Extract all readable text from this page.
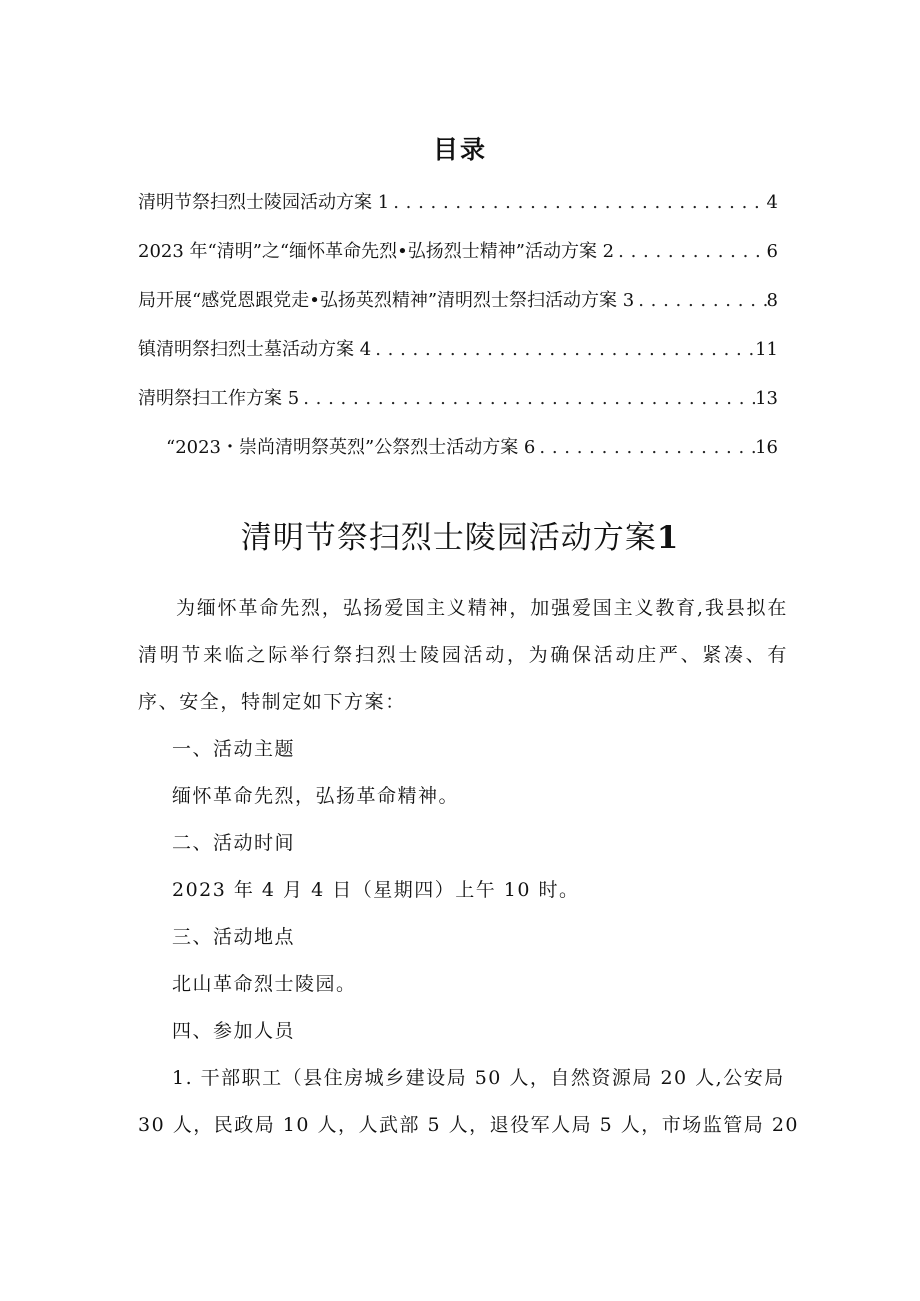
目录
清明节祭扫烈士陵园活动方案 1 . . .	4
2023 年“清明”之“缅怀革命先烈•弘扬烈士精神”活动方案 2 . . .	6
局开展“感党恩跟党走•弘扬英烈精神”清明烈士祭扫活动方案 3 . . .	8
镇清明祭扫烈士墓活动方案 4 . . .	11
清明祭扫工作方案 5 . . .	13
“2023・崇尚清明祭英烈”公祭烈士活动方案 6 . . .	16
清明节祭扫烈士陵园活动方案1

为缅怀革命先烈，弘扬爱国主义精神，加强爱国主义教育,我县拟在清明节来临之际举行祭扫烈士陵园活动，为确保活动庄严、紧凑、有序、安全，特制定如下方案：

一、活动主题
缅怀革命先烈，弘扬革命精神。
二、活动时间
2023 年 4 月 4 日（星期四）上午 10 时。
三、活动地点
北山革命烈士陵园。
四、参加人员
1. 干部职工（县住房城乡建设局 50 人，自然资源局 20 人,公安局
30 人，民政局 10 人，人武部 5 人，退役军人局 5 人，市场监管局 20
